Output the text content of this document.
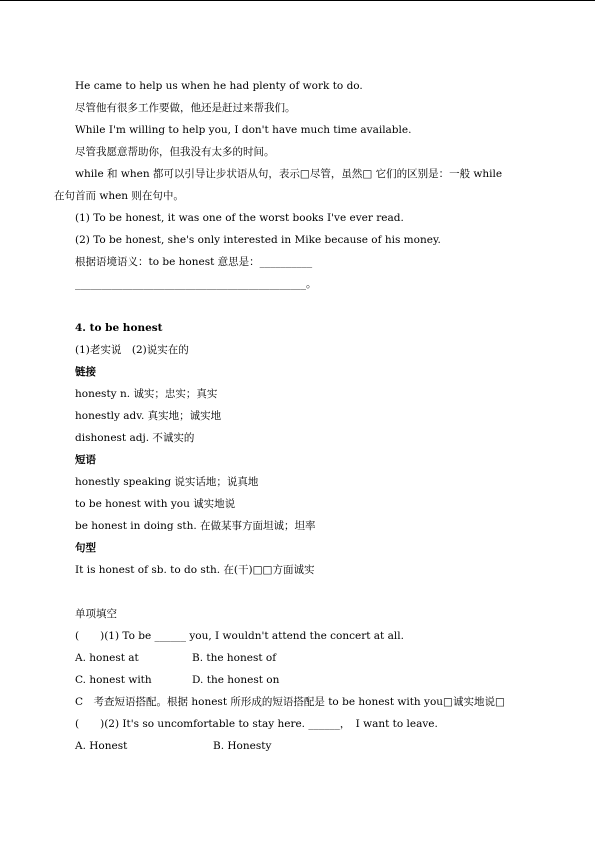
He came to help us when he had plenty of work to do.
尽管他有很多工作要做，他还是赶过来帮我们。
While I'm willing to help you, I don't have much time available.
尽管我愿意帮助你，但我没有太多的时间。
while 和 when 都可以引导让步状语从句，表示□尽管，虽然□ 它们的区别是：一般 while
在句首而 when 则在句中。
(1) To be honest, it was one of the worst books I've ever read.
(2) To be honest, she's only interested in Mike because of his money.
根据语境语义：to be honest 意思是：__________
____________________________________________。
4. to be honest
(1)老实说　(2)说实在的
链接
honesty n. 诚实；忠实；真实
honestly adv. 真实地；诚实地
dishonest adj. 不诚实的
短语
honestly speaking 说实话地；说真地
to be honest with you 诚实地说
be honest in doing sth. 在做某事方面坦诚；坦率
句型
It is honest of sb. to do sth. 在(干)□□方面诚实
单项填空
(　　)(1) To be ______ you, I wouldn't attend the concert at all.
A. honest at	B. the honest of
C. honest with	D. the honest on
C　考查短语搭配。根据 honest 所形成的短语搭配是 to be honest with you□诚实地说□
(　　)(2) It's so uncomfortable to stay here. ______，　I want to leave.
A. Honest	B. Honesty
